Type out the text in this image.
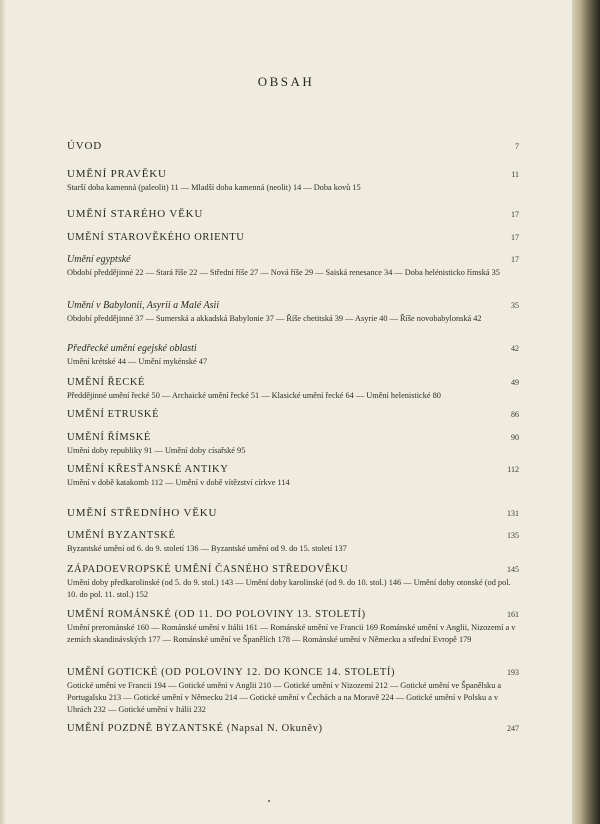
OBSAH
ÚVOD	7
UMĚNÍ PRAVĚKU	11
Starší doba kamenná (paleolit) 11 — Mladší doba kamenná (neolit) 14 — Doba kovů 15
UMĚNÍ STARÉHO VĚKU	17
UMĚNÍ STAROVĚKÉHO ORIENTU	17
Umění egyptské	17
Období předdějinné 22 — Stará říše 22 — Střední říše 27 — Nová říše 29 — Saiská renesance 34 — Doba helénisticko římská 35
Umění v Babylonii, Asyrii a Malé Asii	35
Období předdějinné 37 — Sumerská a akkadská Babylonie 37 — Říše chetitská 39 — Asyrie 40 — Říše novobabylonská 42
Předřecké umění egejské oblasti	42
Umění krétské 44 — Umění mykénské 47
UMĚNÍ ŘECKÉ	49
Předdějinné umění řecké 50 — Archaické umění řecké 51 — Klasické umění řecké 64 — Umění helenistické 80
UMĚNÍ ETRUSKÉ	86
UMĚNÍ ŘÍMSKÉ	90
Umění doby republiky 91 — Umění doby císařské 95
UMĚNÍ KŘESŤANSKÉ ANTIKY	112
Umění v době katakomb 112 — Umění v době vítězství církve 114
UMĚNÍ STŘEDNÍHO VĚKU	131
UMĚNÍ BYZANTSKÉ	135
Byzantské umění od 6. do 9. století 136 — Byzantské umění od 9. do 15. století 137
ZÁPADOEVROPSKÉ UMĚNÍ ČASNÉHO STŘEDOVĚKU	145
Umění doby předkarolinské (od 5. do 9. stol.) 143 — Umění doby karolinské (od 9. do 10. stol.) 146 — Umění doby otonské (od pol. 10. do pol. 11. stol.) 152
UMĚNÍ ROMÁNSKÉ (OD 11. DO POLOVINY 13. STOLETÍ)	161
Umění prerománské 160 — Románské umění v Itálii 161 — Románské umění ve Francii 169 Románské umění v Anglii, Nizozemí a v zemích skandinávských 177 — Románské umění ve Španělích 178 — Románské umění v Německu a střední Evropě 179
UMĚNÍ GOTICKÉ (OD POLOVINY 12. DO KONCE 14. STOLETÍ)	193
Gotické umění ve Francii 194 — Gotické umění v Anglii 210 — Gotické umění v Nizozemí 212 — Gotické umění ve Španělsku a Portugalsku 213 — Gotické umění v Německu 214 — Gotické umění v Čechách a na Moravě 224 — Gotické umění v Polsku a v Uhrách 232 — Gotické umění v Itálii 232
UMĚNÍ POZDNĚ BYZANTSKÉ (Napsal N. Okuněv)	247
